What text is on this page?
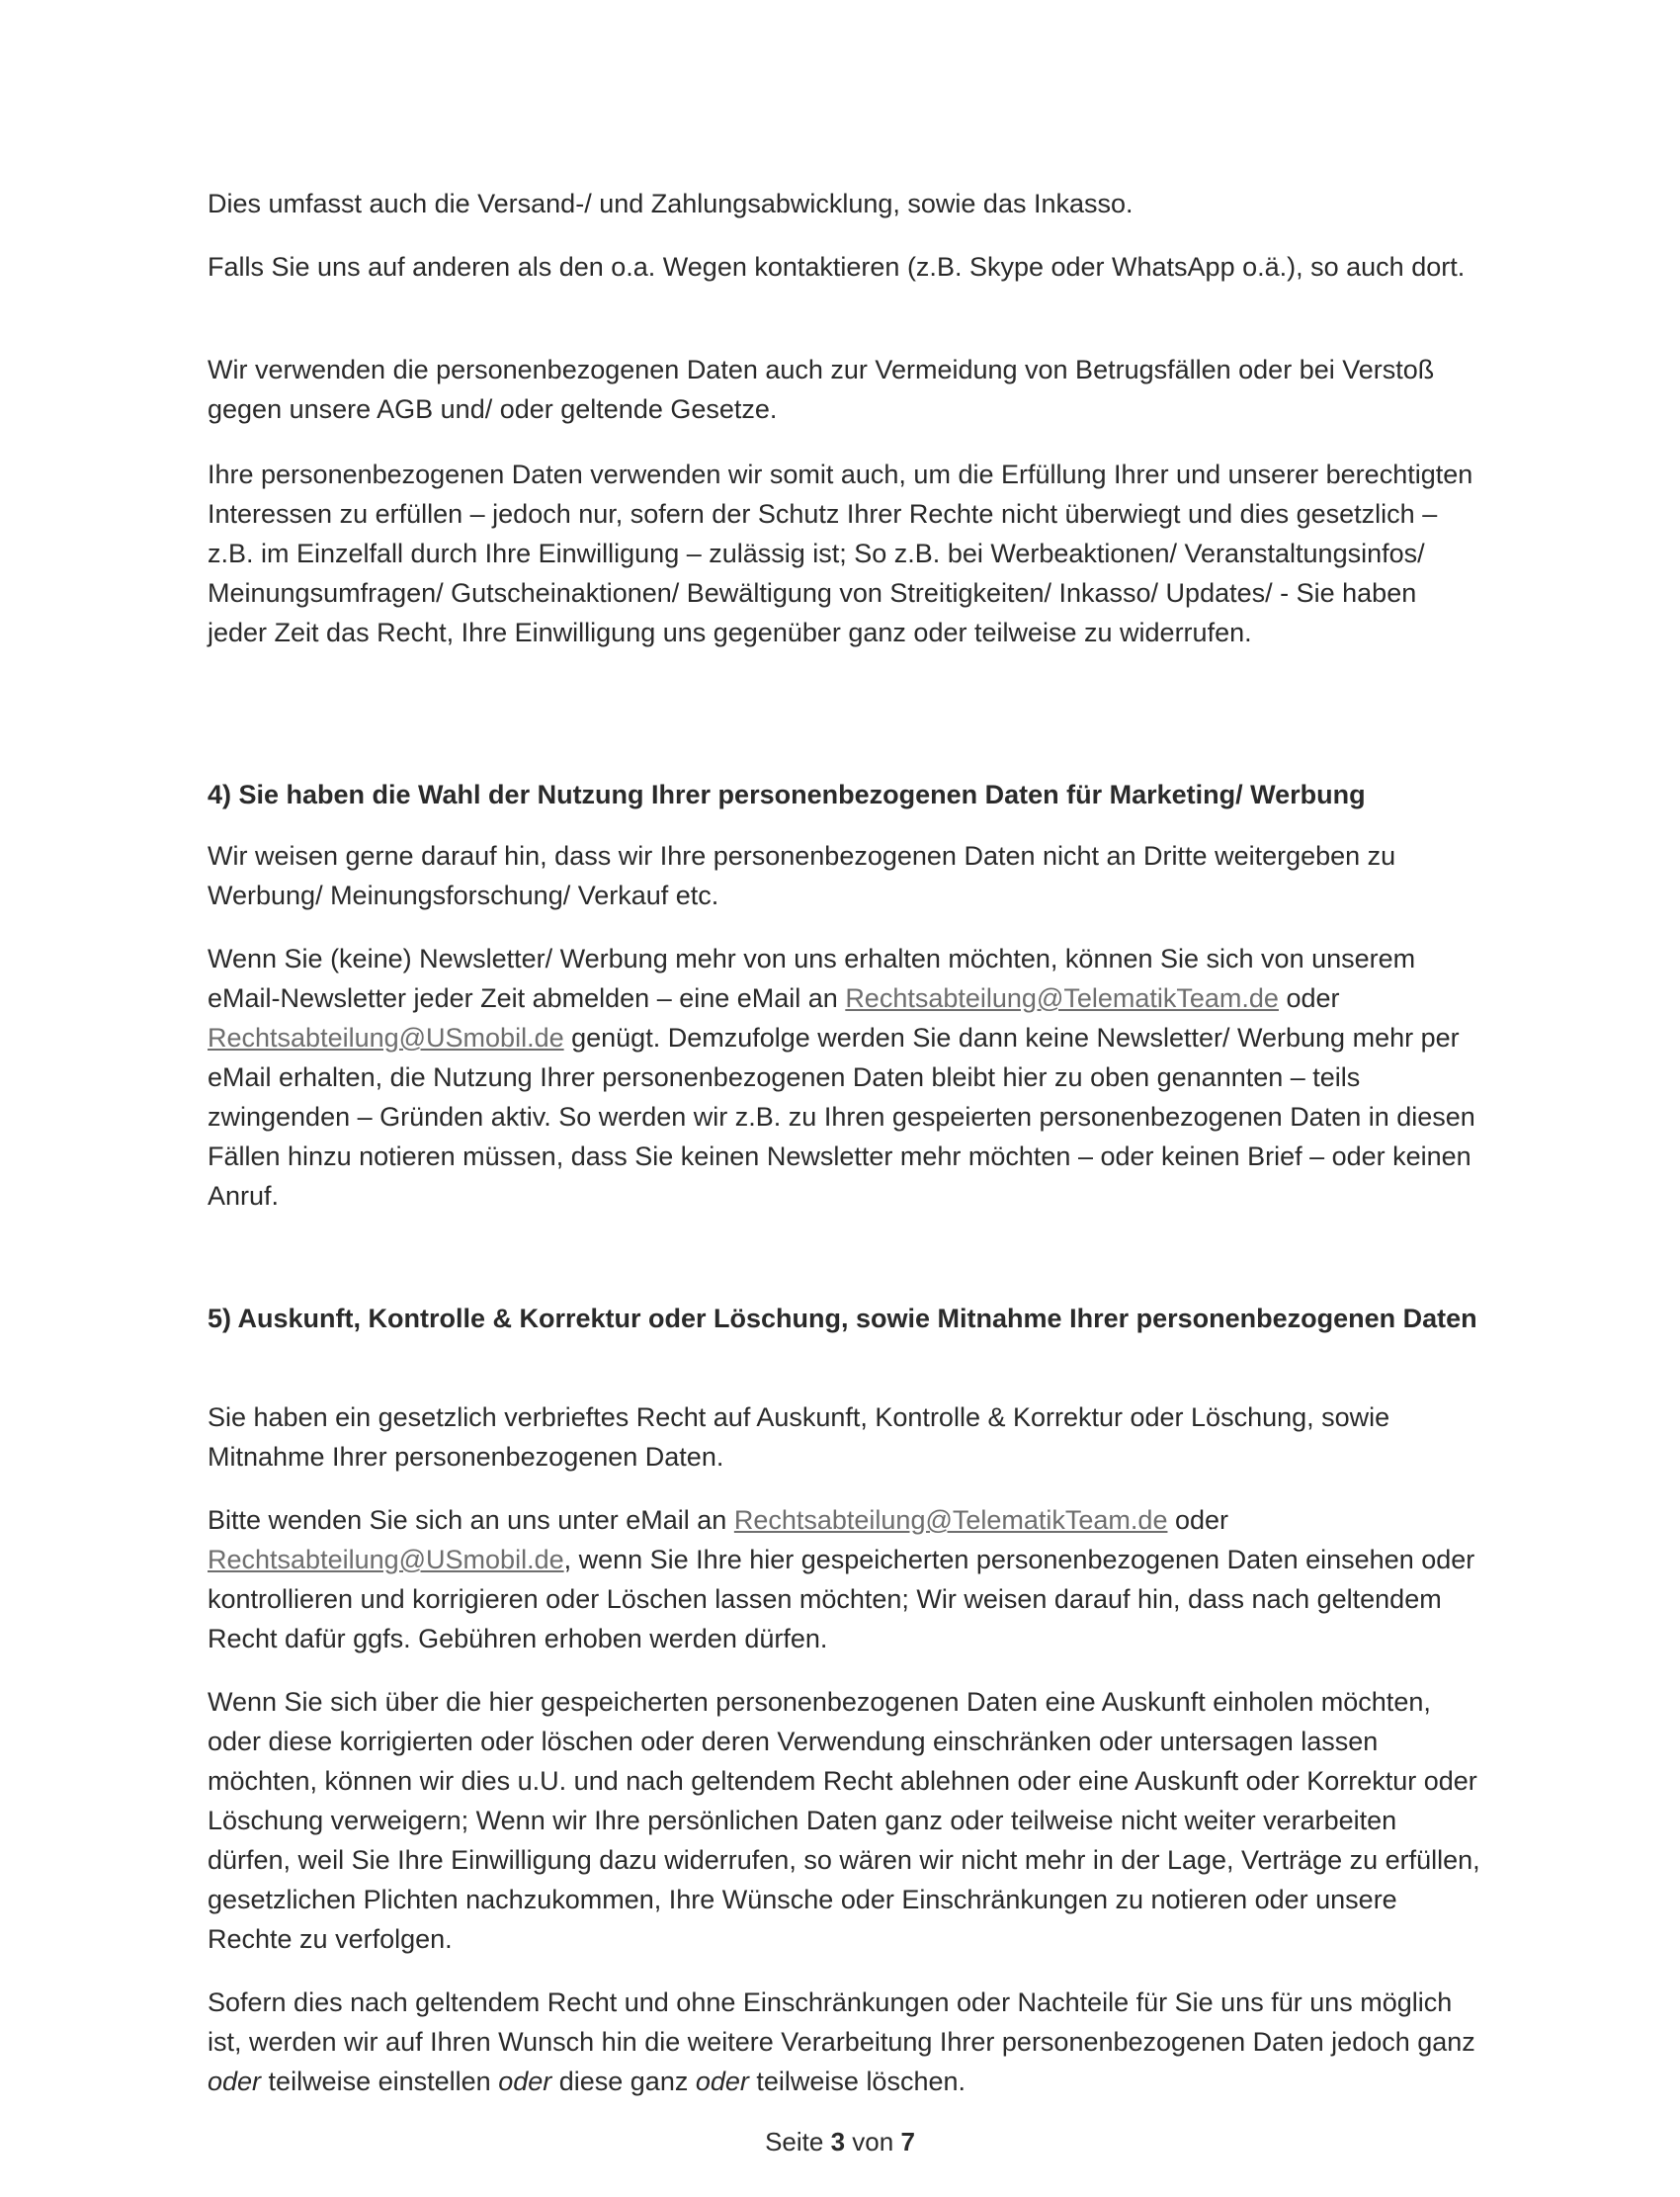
Dies umfasst auch die Versand-/ und Zahlungsabwicklung, sowie das Inkasso.

Falls Sie uns auf anderen als den o.a. Wegen kontaktieren (z.B. Skype oder WhatsApp o.ä.), so auch dort.

Wir verwenden die personenbezogenen Daten auch zur Vermeidung von Betrugsfällen oder bei Verstoß gegen unsere AGB und/ oder geltende Gesetze.

Ihre personenbezogenen Daten verwenden wir somit auch, um die Erfüllung Ihrer und unserer berechtigten Interessen zu erfüllen – jedoch nur, sofern der Schutz Ihrer Rechte nicht überwiegt und dies gesetzlich – z.B. im Einzelfall durch Ihre Einwilligung – zulässig ist; So z.B. bei Werbeaktionen/ Veranstaltungsinfos/ Meinungsumfragen/ Gutscheinaktionen/ Bewältigung von Streitigkeiten/ Inkasso/ Updates/ - Sie haben jeder Zeit das Recht, Ihre Einwilligung uns gegenüber ganz oder teilweise zu widerrufen.

4) Sie haben die Wahl der Nutzung Ihrer personenbezogenen Daten für Marketing/ Werbung

Wir weisen gerne darauf hin, dass wir Ihre personenbezogenen Daten nicht an Dritte weitergeben zu Werbung/ Meinungsforschung/ Verkauf etc.

Wenn Sie (keine) Newsletter/ Werbung mehr von uns erhalten möchten, können Sie sich von unserem eMail-Newsletter jeder Zeit abmelden – eine eMail an Rechtsabteilung@TelematikTeam.de oder Rechtsabteilung@USmobil.de genügt. Demzufolge werden Sie dann keine Newsletter/ Werbung mehr per eMail erhalten, die Nutzung Ihrer personenbezogenen Daten bleibt hier zu oben genannten – teils zwingenden – Gründen aktiv. So werden wir z.B. zu Ihren gespeierten personenbezogenen Daten in diesen Fällen hinzu notieren müssen, dass Sie keinen Newsletter mehr möchten – oder keinen Brief – oder keinen Anruf.

5) Auskunft, Kontrolle & Korrektur oder Löschung, sowie Mitnahme Ihrer personenbezogenen Daten

Sie haben ein gesetzlich verbrieftes Recht auf Auskunft, Kontrolle & Korrektur oder Löschung, sowie Mitnahme Ihrer personenbezogenen Daten.

Bitte wenden Sie sich an uns unter eMail an Rechtsabteilung@TelematikTeam.de oder Rechtsabteilung@USmobil.de, wenn Sie Ihre hier gespeicherten personenbezogenen Daten einsehen oder kontrollieren und korrigieren oder Löschen lassen möchten; Wir weisen darauf hin, dass nach geltendem Recht dafür ggfs. Gebühren erhoben werden dürfen.

Wenn Sie sich über die hier gespeicherten personenbezogenen Daten eine Auskunft einholen möchten, oder diese korrigierten oder löschen oder deren Verwendung einschränken oder untersagen lassen möchten, können wir dies u.U. und nach geltendem Recht ablehnen oder eine Auskunft oder Korrektur oder Löschung verweigern; Wenn wir Ihre persönlichen Daten ganz oder teilweise nicht weiter verarbeiten dürfen, weil Sie Ihre Einwilligung dazu widerrufen, so wären wir nicht mehr in der Lage, Verträge zu erfüllen, gesetzlichen Plichten nachzukommen, Ihre Wünsche oder Einschränkungen zu notieren oder unsere Rechte zu verfolgen.

Sofern dies nach geltendem Recht und ohne Einschränkungen oder Nachteile für Sie uns für uns möglich ist, werden wir auf Ihren Wunsch hin die weitere Verarbeitung Ihrer personenbezogenen Daten jedoch ganz oder teilweise einstellen oder diese ganz oder teilweise löschen.

Seite 3 von 7
